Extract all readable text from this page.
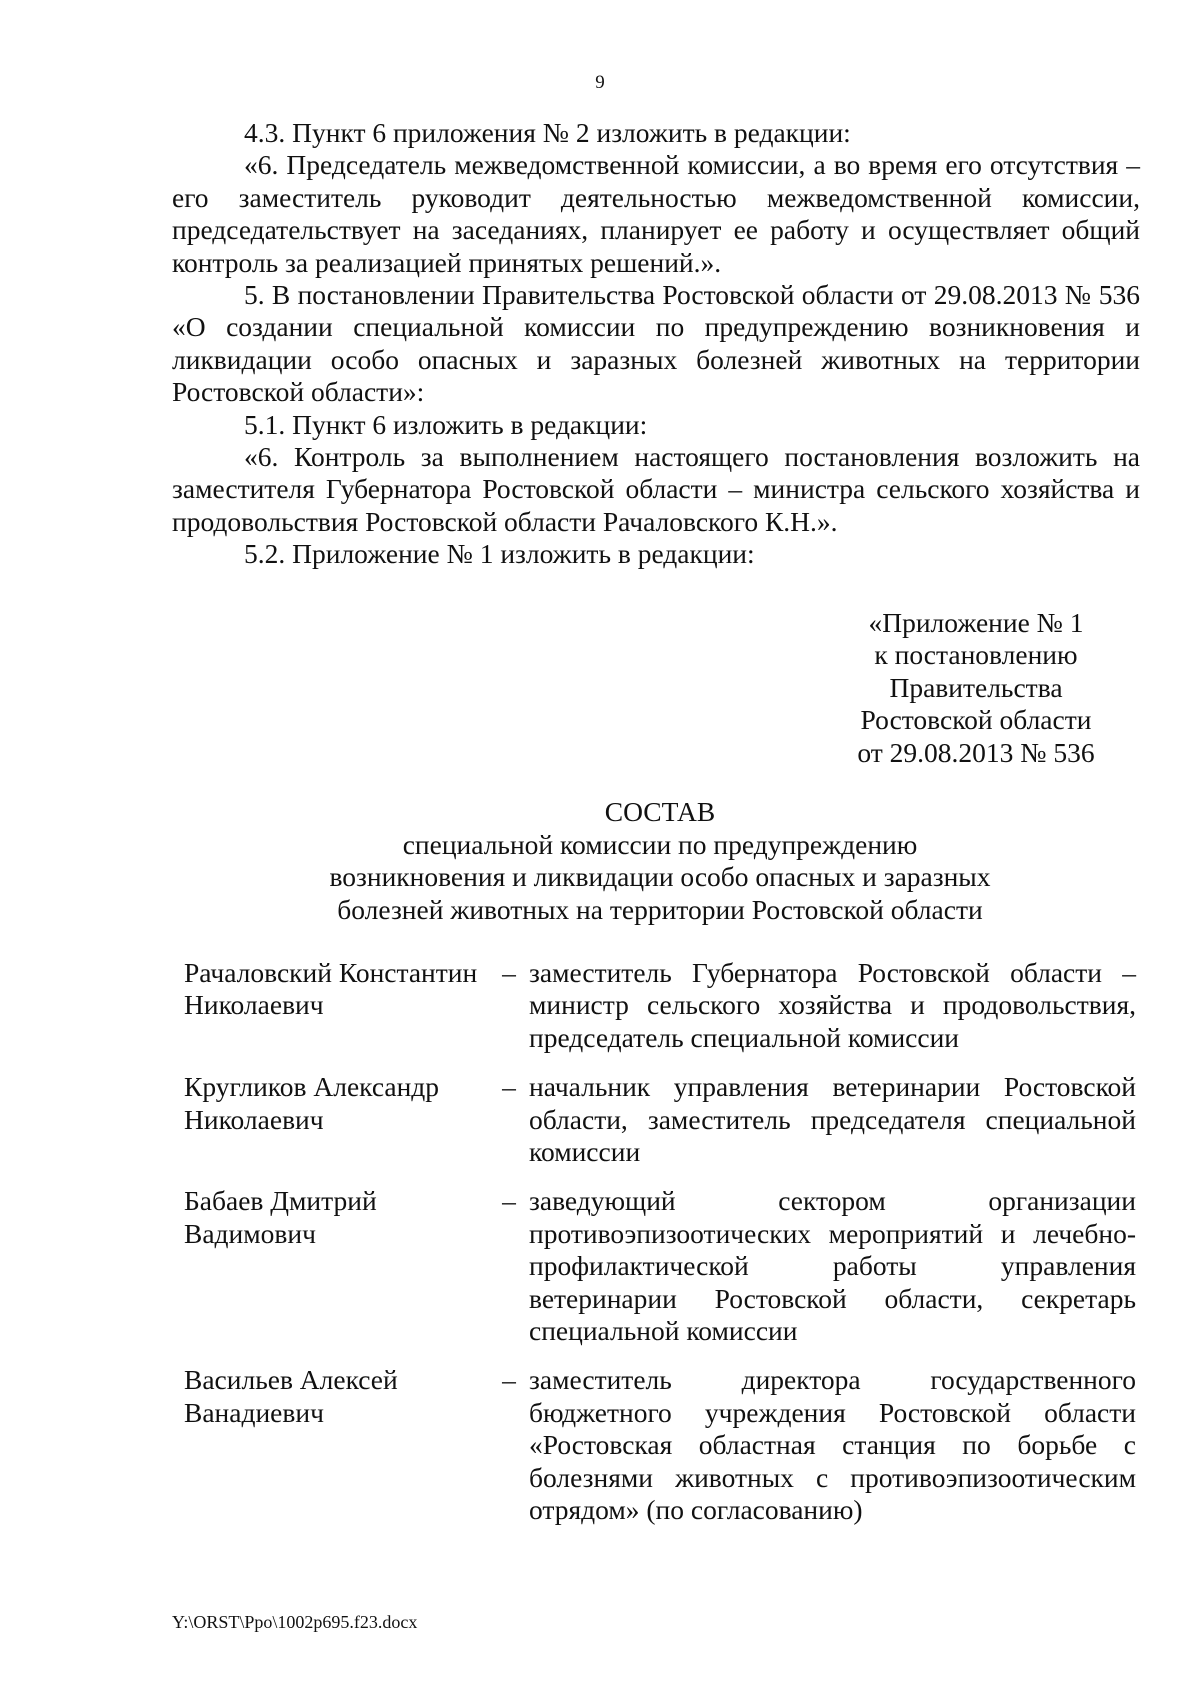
9

4.3. Пункт 6 приложения № 2 изложить в редакции:

«6. Председатель межведомственной комиссии, а во время его отсутствия – его заместитель руководит деятельностью межведомственной комиссии, председательствует на заседаниях, планирует ее работу и осуществляет общий контроль за реализацией принятых решений.».

5. В постановлении Правительства Ростовской области от 29.08.2013 № 536 «О создании специальной комиссии по предупреждению возникновения и ликвидации особо опасных и заразных болезней животных на территории Ростовской области»:

5.1. Пункт 6 изложить в редакции:

«6. Контроль за выполнением настоящего постановления возложить на заместителя Губернатора Ростовской области – министра сельского хозяйства и продовольствия Ростовской области Рачаловского К.Н.».

5.2. Приложение № 1 изложить в редакции:

«Приложение № 1
к постановлению
Правительства
Ростовской области
от 29.08.2013 № 536
СОСТАВ
специальной комиссии по предупреждению
возникновения и ликвидации особо опасных и заразных
болезней животных на территории Ростовской области
Рачаловский Константин Николаевич
– заместитель Губернатора Ростовской области – министр сельского хозяйства и продовольствия, председатель специальной комиссии
Кругликов Александр Николаевич
– начальник управления ветеринарии Ростовской области, заместитель председателя специальной комиссии
Бабаев Дмитрий Вадимович
– заведующий сектором организации противоэпизоотических мероприятий и лечебно-профилактической работы управления ветеринарии Ростовской области, секретарь специальной комиссии
Васильев Алексей Ванадиевич
– заместитель директора государственного бюджетного учреждения Ростовской области «Ростовская областная станция по борьбе с болезнями животных с противоэпизоотическим отрядом» (по согласованию)
Y:\ORST\Ppo\1002p695.f23.docx
